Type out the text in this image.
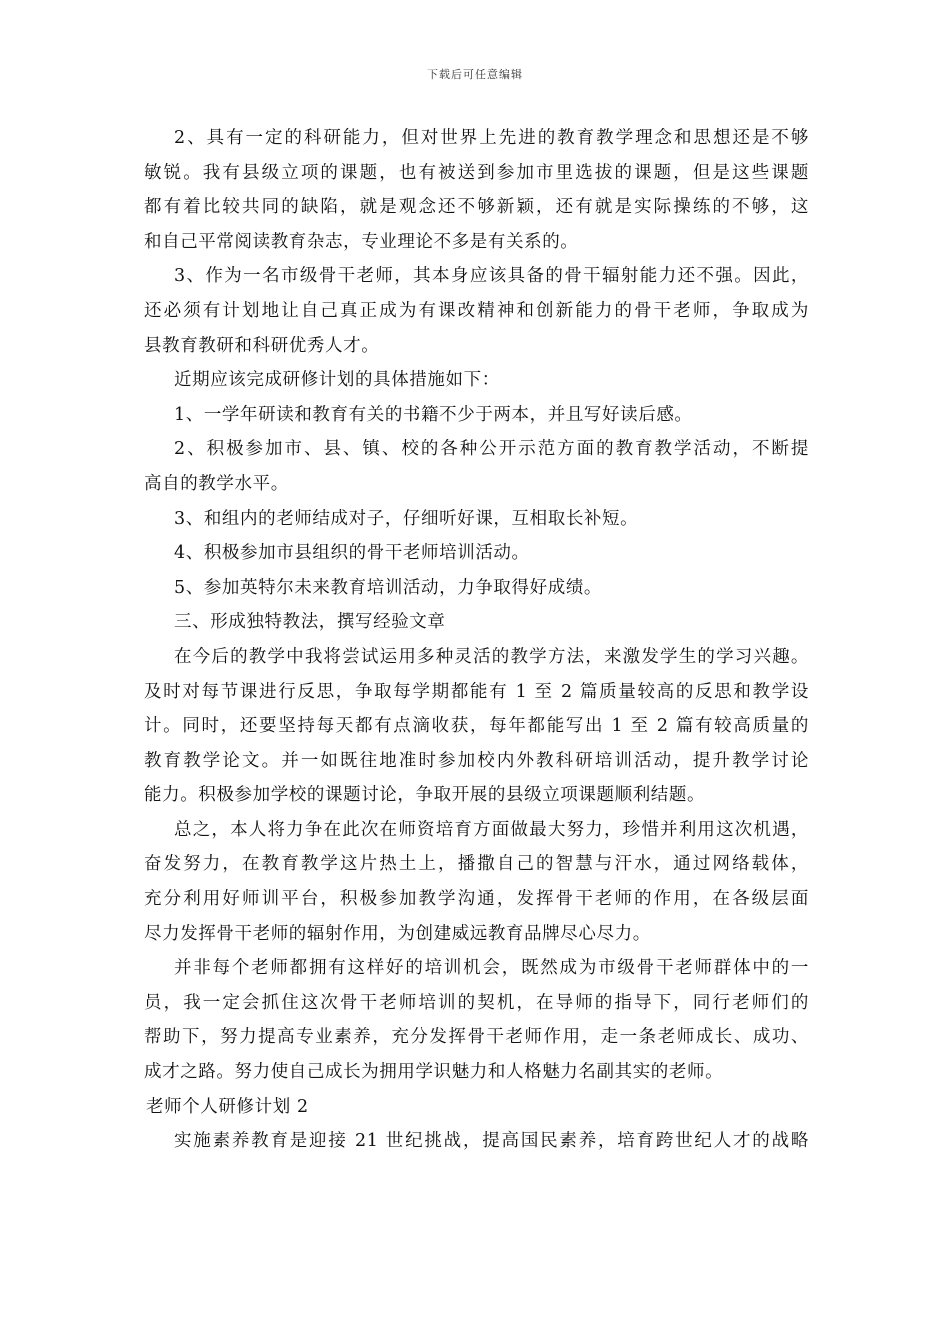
下载后可任意编辑
2、具有一定的科研能力，但对世界上先进的教育教学理念和思想还是不够
敏锐。我有县级立项的课题，也有被送到参加市里选拔的课题，但是这些课题
都有着比较共同的缺陷，就是观念还不够新颖，还有就是实际操练的不够，这
和自己平常阅读教育杂志，专业理论不多是有关系的。
3、作为一名市级骨干老师，其本身应该具备的骨干辐射能力还不强。因此，
还必须有计划地让自己真正成为有课改精神和创新能力的骨干老师，争取成为
县教育教研和科研优秀人才。
近期应该完成研修计划的具体措施如下：
1、一学年研读和教育有关的书籍不少于两本，并且写好读后感。
2、积极参加市、县、镇、校的各种公开示范方面的教育教学活动，不断提
高自的教学水平。
3、和组内的老师结成对子，仔细听好课，互相取长补短。
4、积极参加市县组织的骨干老师培训活动。
5、参加英特尔未来教育培训活动，力争取得好成绩。
三、形成独特教法，撰写经验文章
在今后的教学中我将尝试运用多种灵活的教学方法，来激发学生的学习兴趣。
及时对每节课进行反思，争取每学期都能有 1 至 2 篇质量较高的反思和教学设
计。同时，还要坚持每天都有点滴收获，每年都能写出 1 至 2 篇有较高质量的
教育教学论文。并一如既往地准时参加校内外教科研培训活动，提升教学讨论
能力。积极参加学校的课题讨论，争取开展的县级立项课题顺利结题。
总之，本人将力争在此次在师资培育方面做最大努力，珍惜并利用这次机遇，
奋发努力，在教育教学这片热土上，播撒自己的智慧与汗水，通过网络载体，
充分利用好师训平台，积极参加教学沟通，发挥骨干老师的作用，在各级层面
尽力发挥骨干老师的辐射作用，为创建威远教育品牌尽心尽力。
并非每个老师都拥有这样好的培训机会，既然成为市级骨干老师群体中的一
员，我一定会抓住这次骨干老师培训的契机，在导师的指导下，同行老师们的
帮助下，努力提高专业素养，充分发挥骨干老师作用，走一条老师成长、成功、
成才之路。努力使自己成长为拥用学识魅力和人格魅力名副其实的老师。
老师个人研修计划 2
实施素养教育是迎接 21 世纪挑战，提高国民素养，培育跨世纪人才的战略
